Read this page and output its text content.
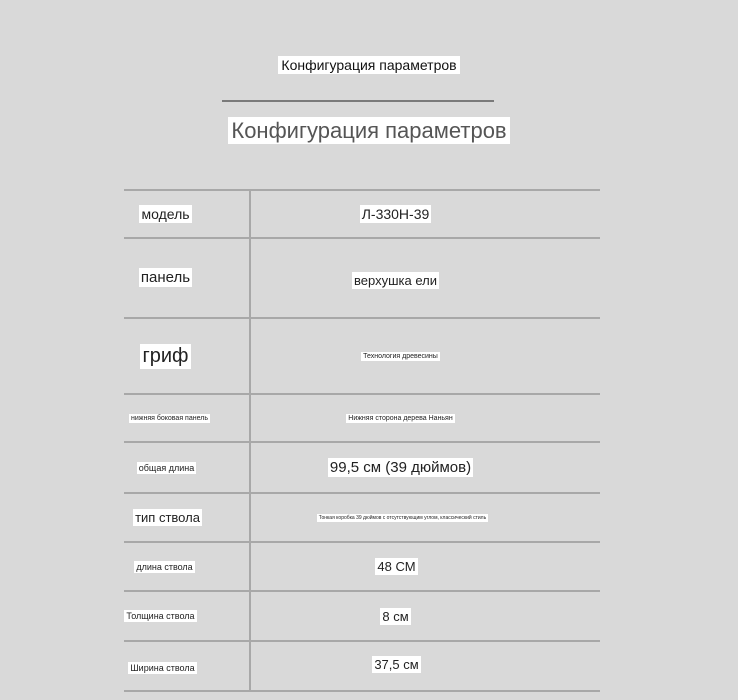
Конфигурация параметров
Конфигурация параметров
модель	Л-330Н-39
панель	верхушка ели
гриф	Технология древесины
нижняя боковая панель	Нижняя сторона дерева Наньян
общая длина	99,5 см (39 дюймов)
тип ствола	Тонкая коробка 39 дюймов с отсутствующим углом, классический стиль
длина ствола	48 СМ
Толщина ствола	8 см
Ширина ствола	37,5 см
